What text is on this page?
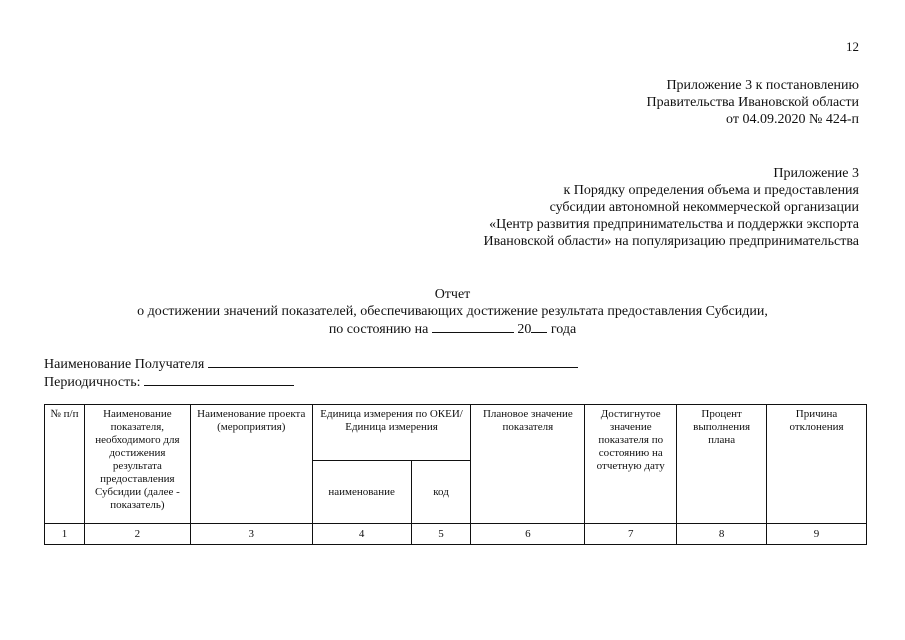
12
Приложение 3 к постановлению
Правительства Ивановской области
от 04.09.2020 № 424-п
Приложение 3
к Порядку определения объема и предоставления
субсидии автономной некоммерческой организации
«Центр развития предпринимательства и поддержки экспорта
Ивановской области» на популяризацию предпринимательства
Отчет
о достижении значений показателей, обеспечивающих достижение результата предоставления Субсидии,
по состоянию на	20 года
Наименование Получателя
Периодичность:
№ п/п	Наименование показателя, необходимого для достижения результата предоставления Субсидии (далее - показатель)	Наименование проекта (мероприятия)	Единица измерения по ОКЕИ/Единица измерения		Плановое значение показателя	Достигнутое значение показателя по состоянию на отчетную дату	Процент выполнения плана	Причина отклонения
			наименование	код				
1	2	3	4	5	6	7	8	9
